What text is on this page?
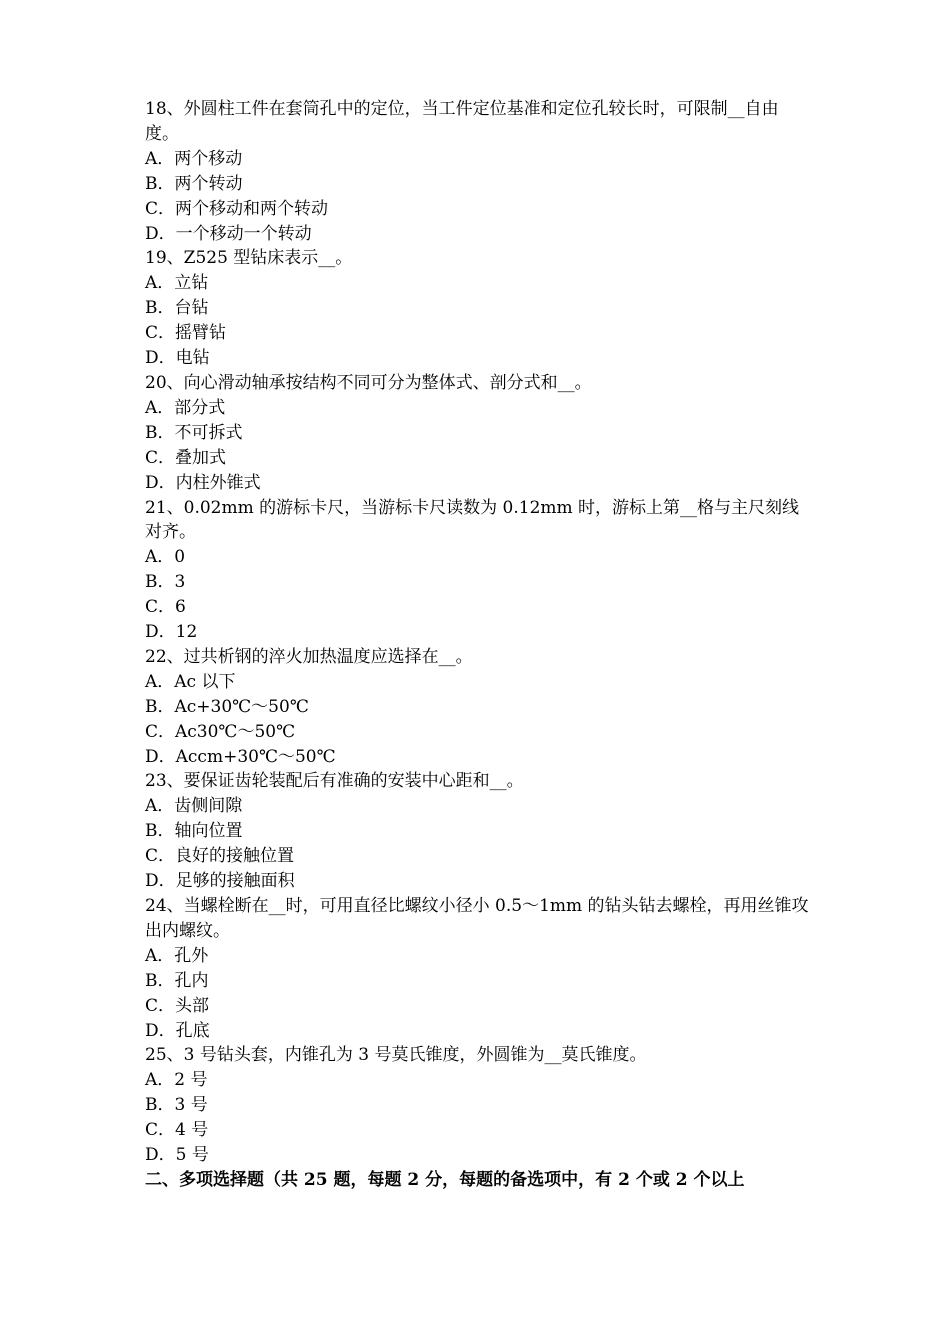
18、外圆柱工件在套筒孔中的定位，当工件定位基准和定位孔较长时，可限制__自由度。

A．两个移动

B．两个转动

C．两个移动和两个转动

D．一个移动一个转动

19、Z525 型钻床表示__。

A．立钻

B．台钻

C．摇臂钻

D．电钻

20、向心滑动轴承按结构不同可分为整体式、剖分式和__。

A．部分式

B．不可拆式

C．叠加式

D．内柱外锥式

21、0.02mm 的游标卡尺，当游标卡尺读数为 0.12mm 时，游标上第__格与主尺刻线对齐。

A．0

B．3

C．6

D．12

22、过共析钢的淬火加热温度应选择在__。

A．Ac 以下

B．Ac+30℃～50℃

C．Ac30℃～50℃

D．Accm+30℃～50℃

23、要保证齿轮装配后有准确的安装中心距和__。

A．齿侧间隙

B．轴向位置

C．良好的接触位置

D．足够的接触面积

24、当螺栓断在__时，可用直径比螺纹小径小 0.5～1mm 的钻头钻去螺栓，再用丝锥攻出内螺纹。

A．孔外

B．孔内

C．头部

D．孔底

25、3 号钻头套，内锥孔为 3 号莫氏锥度，外圆锥为__莫氏锥度。

A．2 号

B．3 号

C．4 号

D．5 号

二、多项选择题（共 25 题，每题 2 分，每题的备选项中，有 2 个或 2 个以上
